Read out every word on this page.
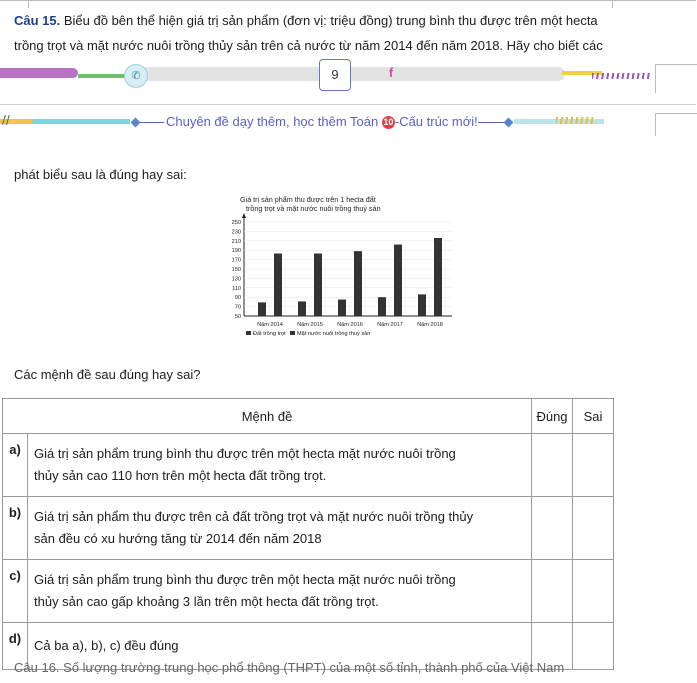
Câu 15. Biểu đồ bên thể hiện giá trị sản phẩm (đơn vị: triệu đồng) trung bình thu được trên một hecta
trồng trọt và mặt nước nuôi trồng thủy sản trên cả nước từ năm 2014 đến năm 2018. Hãy cho biết các
✆	9	f
//	Chuyên đề dạy thêm, học thêm Toán 10 -Cấu trúc mới!
phát biểu sau là đúng hay sai:
Giá trị sản phẩm thu được trên 1 hecta đất
trồng trọt và mặt nước nuôi trồng thuỷ sản
50
70
90
110
130
150
170
190
210
230
250
Năm 2014	Năm 2015	Năm 2016	Năm 2017	Năm 2018
Đất trồng trọt Mặt nước nuôi trồng thuỷ sản
Các mệnh đề sau đúng hay sai?
Mệnh đề		Đúng	Sai
a)	Giá trị sản phẩm trung bình thu được trên một hecta mặt nước nuôi trồng
thủy sản cao 110 hơn trên một hecta đất trồng trọt.		
b)	Giá trị sản phẩm thu được trên cả đất trồng trọt và mặt nước nuôi trồng thủy
sản đều có xu hướng tăng từ 2014 đến năm 2018		
c)	Giá trị sản phẩm trung bình thu được trên một hecta mặt nước nuôi trồng
thủy sản cao gấp khoảng 3 lần trên một hecta đất trồng trọt.		
d)	Cả ba a), b), c) đều đúng		
Câu 16. Số lượng trường trung học phổ thông (THPT) của một số tỉnh, thành phố của Việt Nam
